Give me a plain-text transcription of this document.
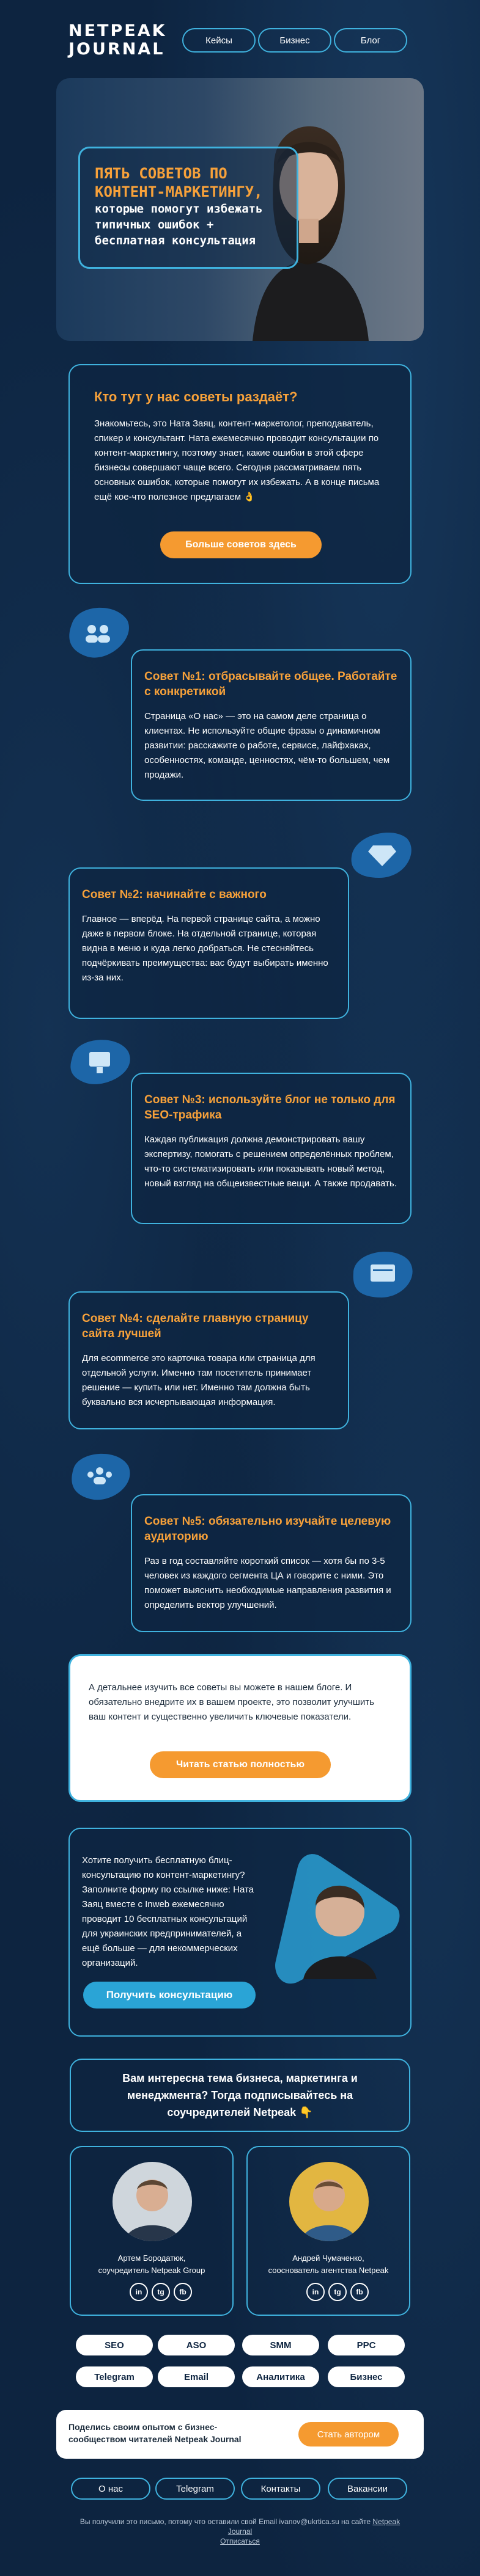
NETPEAK JOURNAL	Кейсы	Бизнес	Блог
ПЯТЬ СОВЕТОВ ПО КОНТЕНТ-МАРКЕТИНГУ,
которые помогут избежать типичных ошибок + бесплатная консультация
Кто тут у нас советы раздаёт?

Знакомьтесь, это Ната Заяц, контент-маркетолог, преподаватель, спикер и консультант. Ната ежемесячно проводит консультации по контент-маркетингу, поэтому знает, какие ошибки в этой сфере бизнесы совершают чаще всего. Сегодня рассматриваем пять основных ошибок, которые помогут их избежать. А в конце письма ещё кое-что полезное предлагаем 👌

Больше советов здесь
Совет №1: отбрасывайте общее. Работайте с конкретикой

Страница «О нас» — это на самом деле страница о клиентах. Не используйте общие фразы о динамичном развитии: расскажите о работе, сервисе, лайфхаках, особенностях, команде, ценностях, чём-то большем, чем продажи.

Совет №2: начинайте с важного

Главное — вперёд. На первой странице сайта, а можно даже в первом блоке. На отдельной странице, которая видна в меню и куда легко добраться. Не стесняйтесь подчёркивать преимущества: вас будут выбирать именно из-за них.

Совет №3: используйте блог не только для SEO-трафика

Каждая публикация должна демонстрировать вашу экспертизу, помогать с решением определённых проблем, что-то систематизировать или показывать новый метод, новый взгляд на общеизвестные вещи. А также продавать.

Совет №4: сделайте главную страницу сайта лучшей

Для ecommerce это карточка товара или страница для отдельной услуги. Именно там посетитель принимает решение — купить или нет. Именно там должна быть буквально вся исчерпывающая информация.

Совет №5: обязательно изучайте целевую аудиторию

Раз в год составляйте короткий список — хотя бы по 3-5 человек из каждого сегмента ЦА и говорите с ними. Это поможет выяснить необходимые направления развития и определить вектор улучшений.

А детальнее изучить все советы вы можете в нашем блоге. И обязательно внедрите их в вашем проекте, это позволит улучшить ваш контент и существенно увеличить ключевые показатели.

Читать статью полностью

Хотите получить бесплатную блиц-консультацию по контент-маркетингу? Заполните форму по ссылке ниже: Ната Заяц вместе с Inweb ежемесячно проводит 10 бесплатных консультаций для украинских предпринимателей, а ещё больше — для некоммерческих организаций.

Получить консультацию
Вам интересна тема бизнеса, маркетинга и менеджмента? Тогда подписывайтесь на соучредителей Netpeak 👇
Артем Бородатюк,
соучредитель Netpeak Group
in	tg	fb
Андрей Чумаченко,
сооснователь агентства Netpeak
in	tg	fb
SEO	ASO	SMM	PPC
Telegram	Email	Аналитика	Бизнес
Поделись своим опытом с бизнес-сообществом читателей Netpeak Journal	Стать автором
О нас	Telegram	Контакты	Вакансии
Вы получили это письмо, потому что оставили свой Email ivanov@ukrtica.su на сайте Netpeak Journal
Отписаться
